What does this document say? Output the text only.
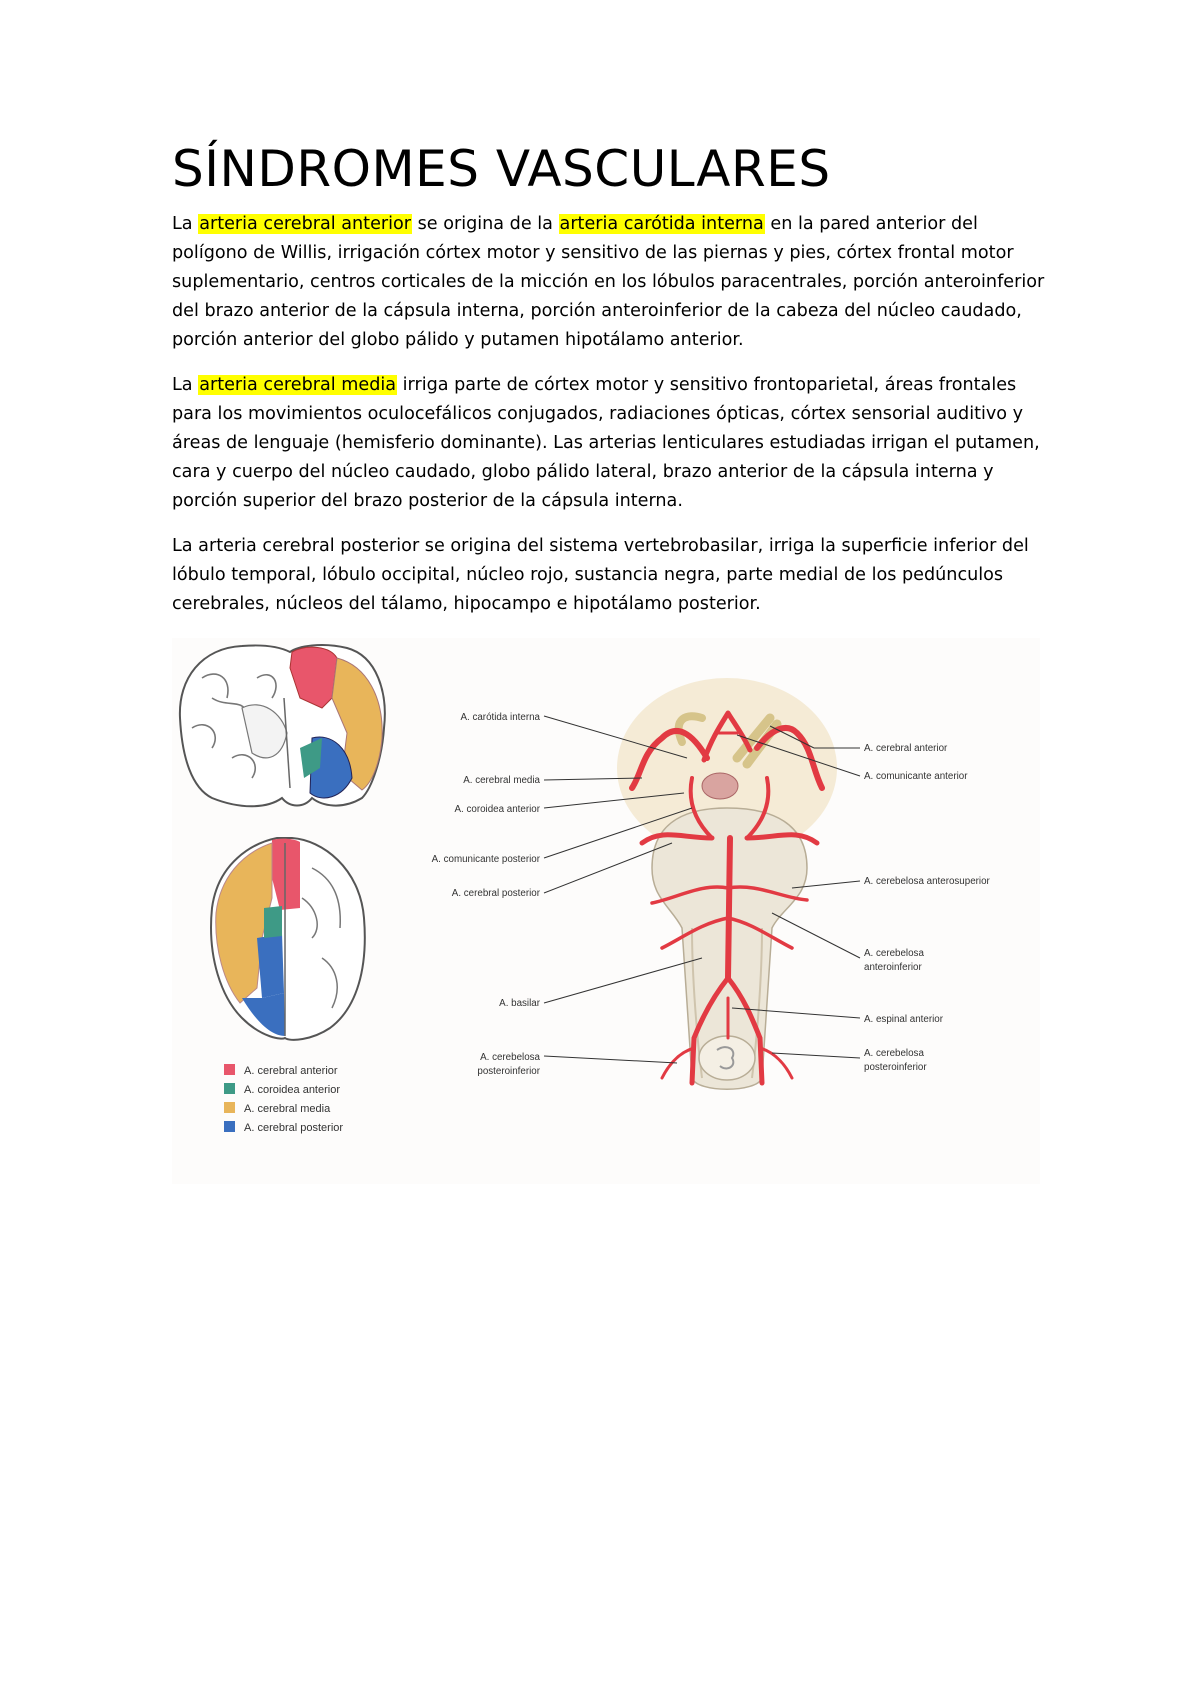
SÍNDROMES VASCULARES

La arteria cerebral anterior se origina de la arteria carótida interna en la pared anterior del polígono de Willis, irrigación córtex motor y sensitivo de las piernas y pies, córtex frontal motor suplementario, centros corticales de la micción en los lóbulos paracentrales, porción anteroinferior del brazo anterior de la cápsula interna, porción anteroinferior de la cabeza del núcleo caudado, porción anterior del globo pálido y putamen hipotálamo anterior.

La arteria cerebral media irriga parte de córtex motor y sensitivo frontoparietal, áreas frontales para los movimientos oculocefálicos conjugados, radiaciones ópticas, córtex sensorial auditivo y áreas de lenguaje (hemisferio dominante). Las arterias lenticulares estudiadas irrigan el putamen, cara y cuerpo del núcleo caudado, globo pálido lateral, brazo anterior de la cápsula interna y porción superior del brazo posterior de la cápsula interna.

La arteria cerebral posterior se origina del sistema vertebrobasilar, irriga la superficie inferior del lóbulo temporal, lóbulo occipital, núcleo rojo, sustancia negra, parte medial de los pedúnculos cerebrales, núcleos del tálamo, hipocampo e hipotálamo posterior.

A. cerebral anterior
A. coroidea anterior
A. cerebral media
A. cerebral posterior
A. carótida interna
A. cerebral media
A. coroidea anterior
A. comunicante posterior
A. cerebral posterior
A. basilar
A. cerebelosa
posteroinferior
A. cerebral anterior
A. comunicante anterior
A. cerebelosa anterosuperior
A. cerebelosa
anteroinferior
A. espinal anterior
A. cerebelosa
posteroinferior
